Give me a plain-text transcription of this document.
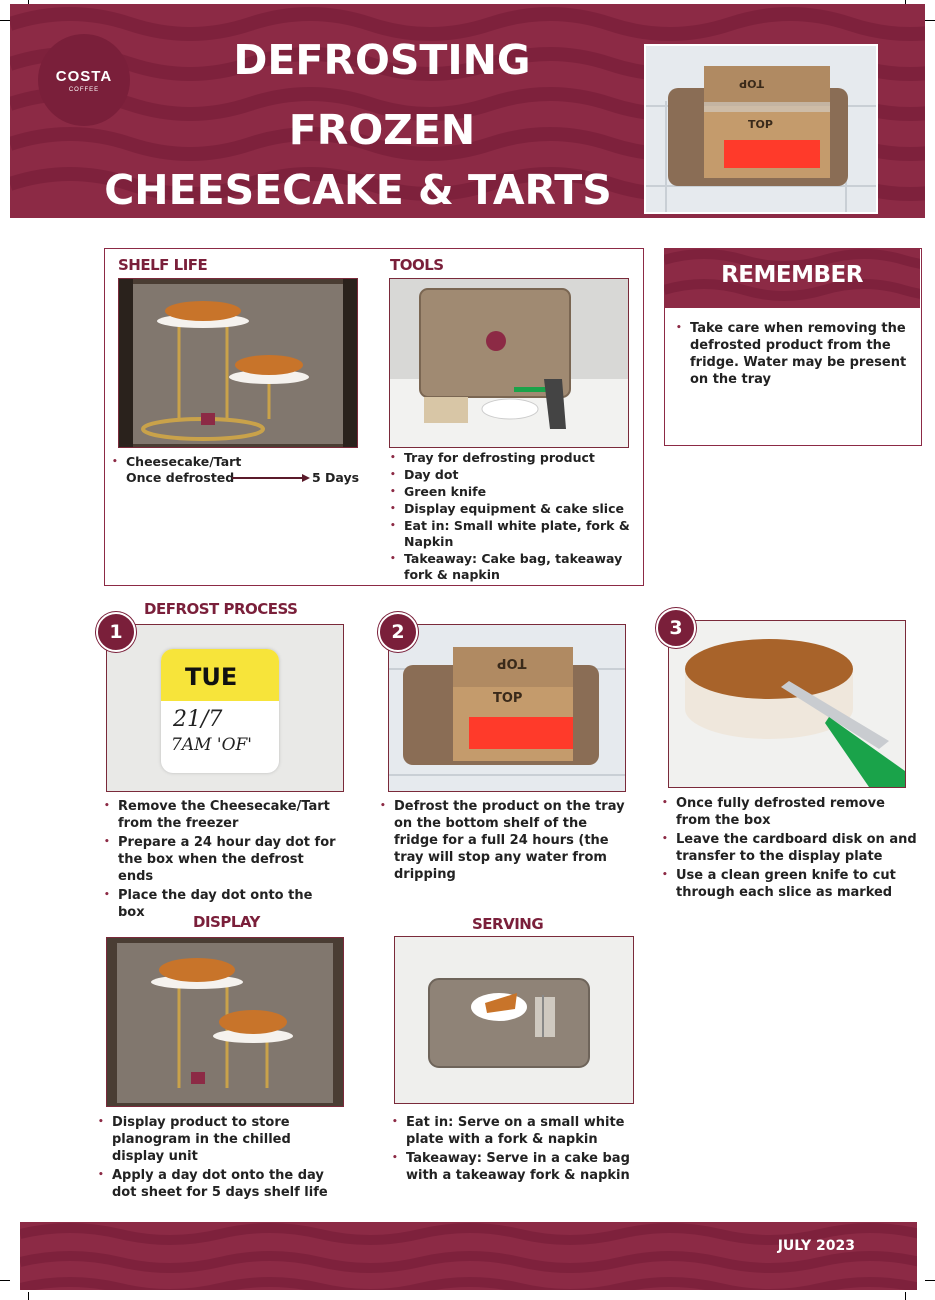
COSTA
COFFEE
DEFROSTING
FROZEN
CHEESECAKE & TARTS
TOP
TOP
SHELF LIFE	TOOLS
• Cheesecake/Tart
Once defrosted	5 Days
• Tray for defrosting product
• Day dot
• Green knife
• Display equipment & cake slice
• Eat in: Small white plate, fork & Napkin
• Takeaway: Cake bag, takeaway fork & napkin
REMEMBER
• Take care when removing the defrosted product from the fridge. Water may be present on the tray
DEFROST PROCESS
TUE
21/7
7AM 'OF'
TOP
TOP
1	2	3
• Remove the Cheesecake/Tart from the freezer
• Prepare a 24 hour day dot for the box when the defrost ends
• Place the day dot onto the box
• Defrost the product on the tray on the bottom shelf of the fridge for a full 24 hours (the tray will stop any water from dripping
• Once fully defrosted remove from the box
• Leave the cardboard disk on and transfer to the display plate
• Use a clean green knife to cut through each slice as marked
DISPLAY
• Display product to store planogram in the chilled display unit
• Apply a day dot onto the day dot sheet for 5 days shelf life
SERVING
• Eat in: Serve on a small white plate with a fork & napkin
• Takeaway: Serve in a cake bag with a takeaway fork & napkin
JULY 2023
